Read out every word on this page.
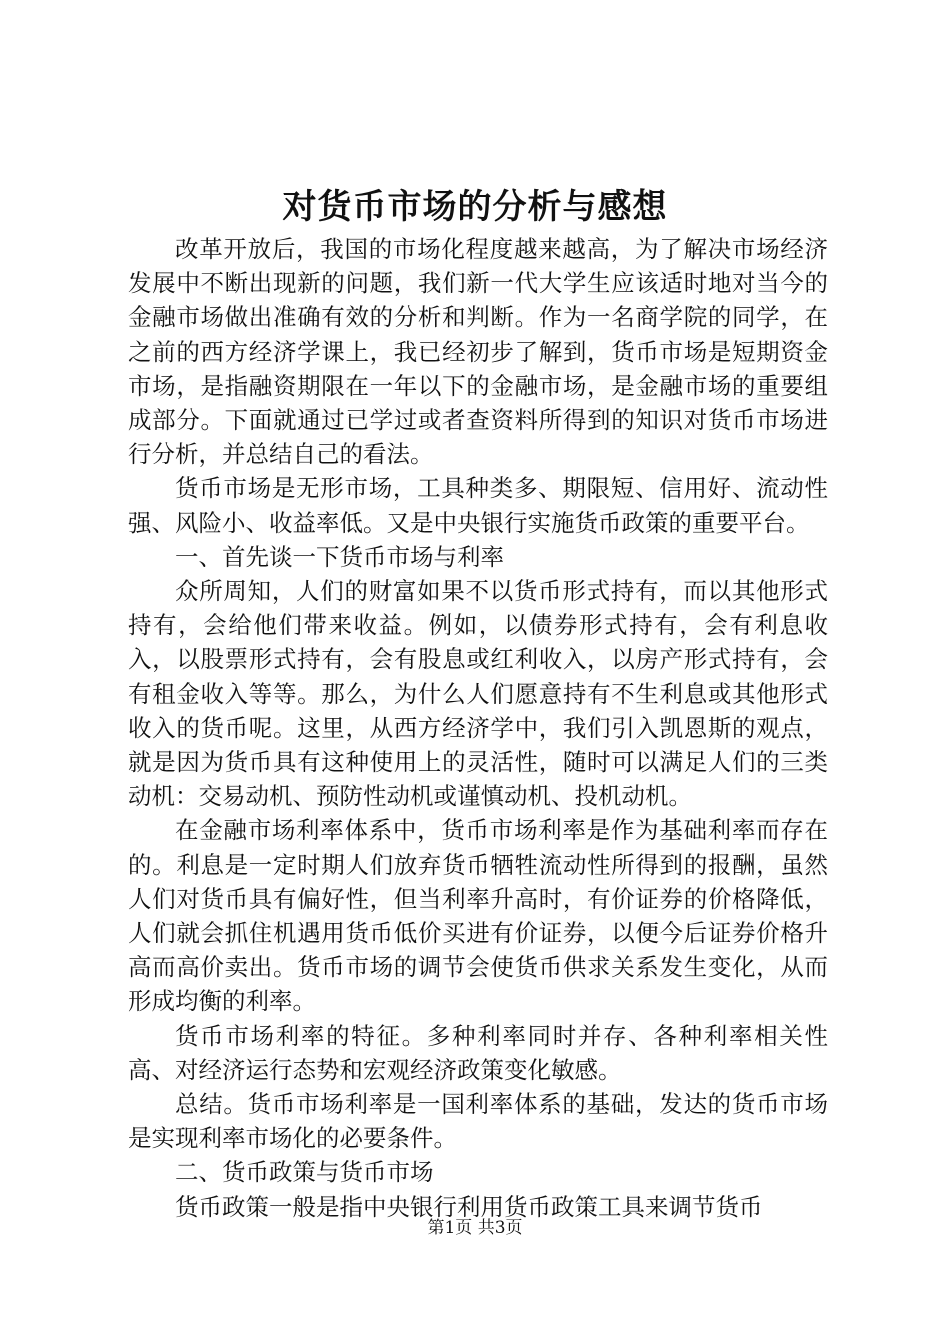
对货币市场的分析与感想

改革开放后，我国的市场化程度越来越高，为了解决市场经济发展中不断出现新的问题，我们新一代大学生应该适时地对当今的金融市场做出准确有效的分析和判断。作为一名商学院的同学，在之前的西方经济学课上，我已经初步了解到，货币市场是短期资金市场，是指融资期限在一年以下的金融市场，是金融市场的重要组成部分。下面就通过已学过或者查资料所得到的知识对货币市场进行分析，并总结自己的看法。

货币市场是无形市场，工具种类多、期限短、信用好、流动性强、风险小、收益率低。又是中央银行实施货币政策的重要平台。

一、首先谈一下货币市场与利率

众所周知，人们的财富如果不以货币形式持有，而以其他形式持有，会给他们带来收益。例如，以债券形式持有，会有利息收入，以股票形式持有，会有股息或红利收入，以房产形式持有，会有租金收入等等。那么，为什么人们愿意持有不生利息或其他形式收入的货币呢。这里，从西方经济学中，我们引入凯恩斯的观点，就是因为货币具有这种使用上的灵活性，随时可以满足人们的三类动机：交易动机、预防性动机或谨慎动机、投机动机。

在金融市场利率体系中，货币市场利率是作为基础利率而存在的。利息是一定时期人们放弃货币牺牲流动性所得到的报酬，虽然人们对货币具有偏好性，但当利率升高时，有价证券的价格降低，人们就会抓住机遇用货币低价买进有价证券，以便今后证券价格升高而高价卖出。货币市场的调节会使货币供求关系发生变化，从而形成均衡的利率。

货币市场利率的特征。多种利率同时并存、各种利率相关性高、对经济运行态势和宏观经济政策变化敏感。

总结。货币市场利率是一国利率体系的基础，发达的货币市场是实现利率市场化的必要条件。

二、货币政策与货币市场

货币政策一般是指中央银行利用货币政策工具来调节货币

第1页 共3页
